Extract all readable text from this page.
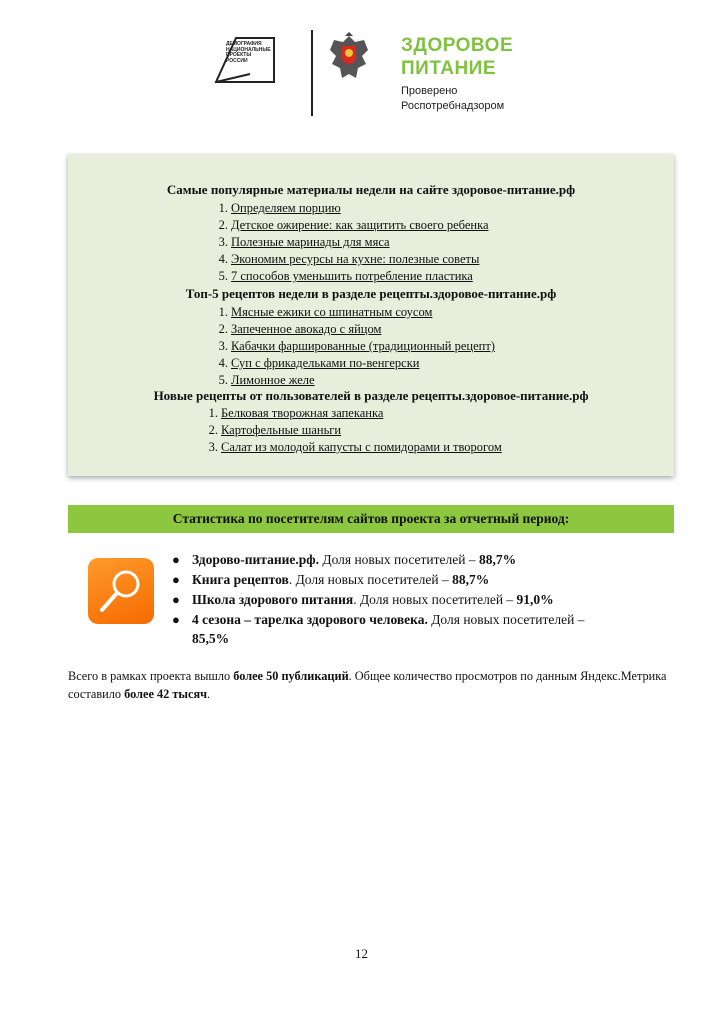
ДЕМОГРАФИЯ НАЦИОНАЛЬНЫЕ ПРОЕКТЫ РОССИИ
ЗДОРОВОЕ
ПИТАНИЕ
Проверено
Роспотребнадзором
Самые популярные материалы недели на сайте здоровое-питание.рф
1. Определяем порцию
2. Детское ожирение: как защитить своего ребенка
3. Полезные маринады для мяса
4. Экономим ресурсы на кухне: полезные советы
5. 7 способов уменьшить потребление пластика
Топ-5 рецептов недели в разделе рецепты.здоровое-питание.рф
1. Мясные ежики со шпинатным соусом
2. Запеченное авокадо с яйцом
3. Кабачки фаршированные (традиционный рецепт)
4. Суп с фрикадельками по-венгерски
5. Лимонное желе
Новые рецепты от пользователей в разделе рецепты.здоровое-питание.рф
1. Белковая творожная запеканка
2. Картофельные шаньги
3. Салат из молодой капусты с помидорами и творогом
Статистика по посетителям сайтов проекта за отчетный период:
● Здорово-питание.рф. Доля новых посетителей – 88,7%
● Книга рецептов. Доля новых посетителей – 88,7%
● Школа здорового питания. Доля новых посетителей – 91,0%
● 4 сезона – тарелка здорового человека. Доля новых посетителей – 85,5%
Всего в рамках проекта вышло более 50 публикаций. Общее количество просмотров по данным Яндекс.Метрика составило более 42 тысяч.
12
